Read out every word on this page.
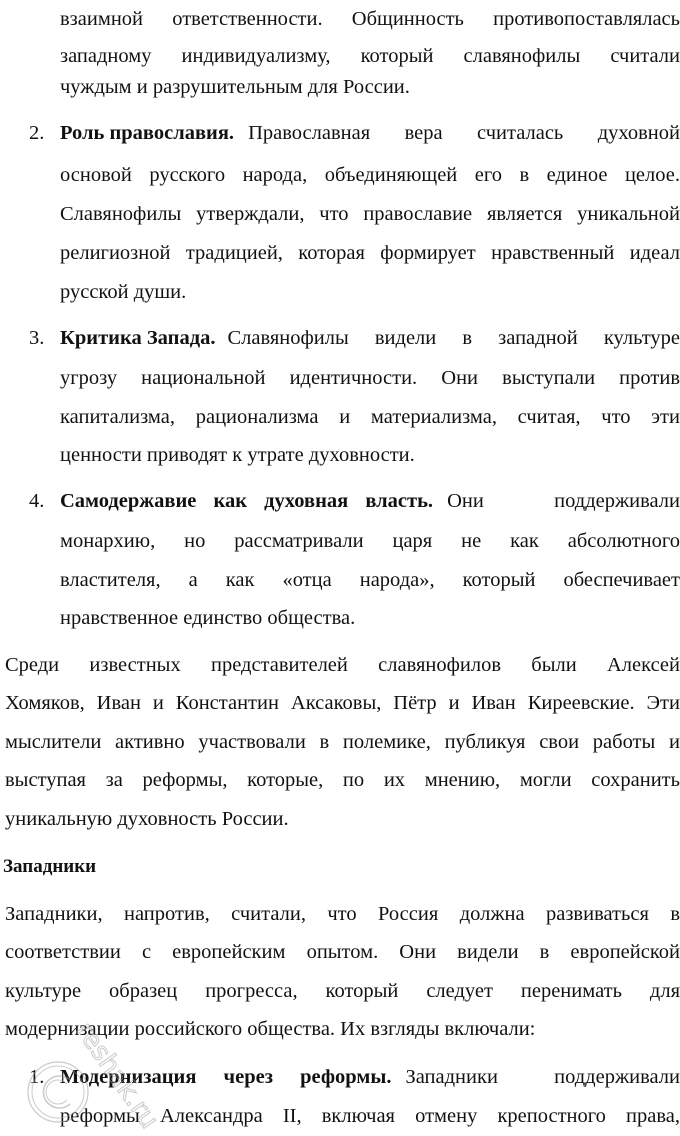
взаимной ответственности. Общинность противопоставлялась
западному индивидуализму, который славянофилы считали
чуждым и разрушительным для России.
2. Роль православия. Православная вера считалась духовной
основой русского народа, объединяющей его в единое целое.
Славянофилы утверждали, что православие является уникальной
религиозной традицией, которая формирует нравственный идеал
русской души.
3. Критика Запада. Славянофилы видели в западной культуре
угрозу национальной идентичности. Они выступали против
капитализма, рационализма и материализма, считая, что эти
ценности приводят к утрате духовности.
4. Самодержавие как духовная власть. Они поддерживали
монархию, но рассматривали царя не как абсолютного
властителя, а как «отца народа», который обеспечивает
нравственное единство общества.
Среди известных представителей славянофилов были Алексей
Хомяков, Иван и Константин Аксаковы, Пётр и Иван Киреевские. Эти
мыслители активно участвовали в полемике, публикуя свои работы и
выступая за реформы, которые, по их мнению, могли сохранить
уникальную духовность России.
Западники
Западники, напротив, считали, что Россия должна развиваться в
соответствии с европейским опытом. Они видели в европейской
культуре образец прогресса, который следует перенимать для
модернизации российского общества. Их взгляды включали:
1. Модернизация через реформы. Западники поддерживали
реформы Александра II, включая отмену крепостного права,
reshak.ru
